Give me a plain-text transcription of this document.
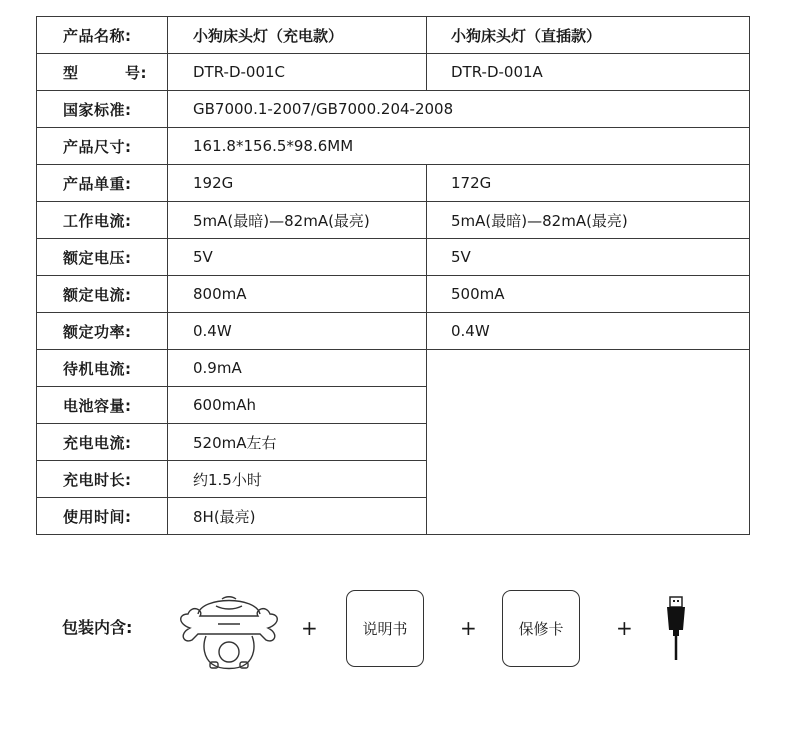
产品名称:	小狗床头灯（充电款）	小狗床头灯（直插款）
型 号:	DTR-D-001C	DTR-D-001A
国家标准:	GB7000.1-2007/GB7000.204-2008	
产品尺寸:	161.8*156.5*98.6MM	
产品单重:	192G	172G
工作电流:	5mA(最暗)—82mA(最亮)	5mA(最暗)—82mA(最亮)
额定电压:	5V	5V
额定电流:	800mA	500mA
额定功率:	0.4W	0.4W
待机电流:	0.9mA	
电池容量:	600mAh	
充电电流:	520mA左右	
充电时长:	约1.5小时	
使用时间:	8H(最亮)	
包装内含:	+	说明书	+	保修卡	+
